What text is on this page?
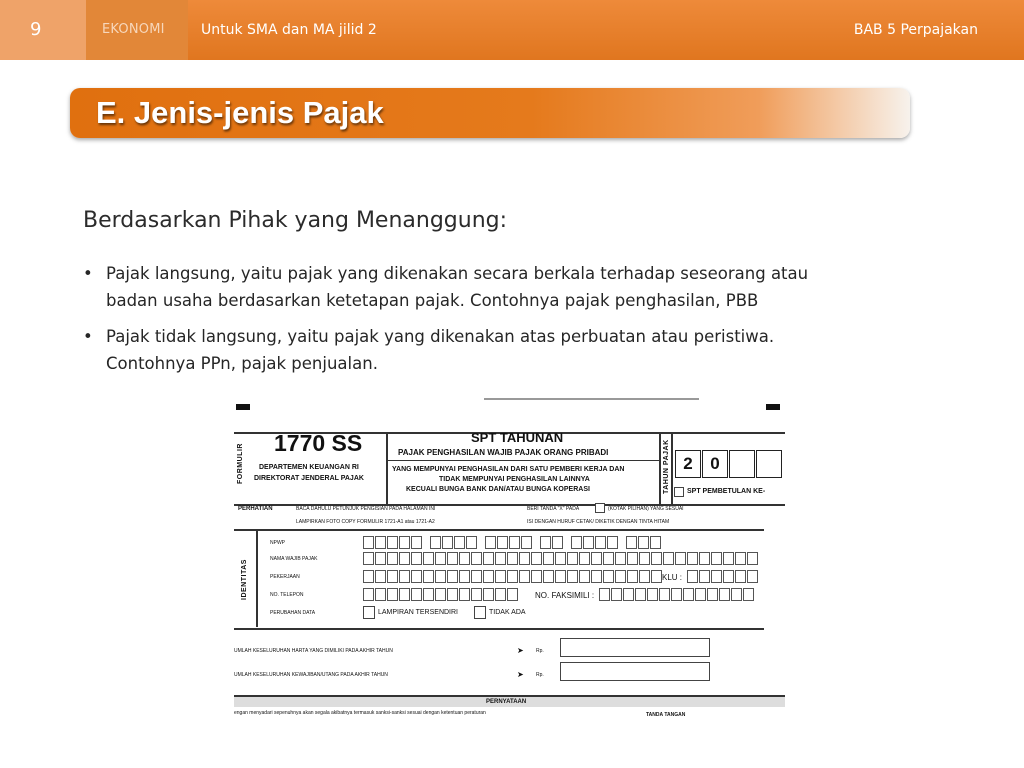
9	EKONOMI	Untuk SMA dan MA jilid 2	BAB 5 Perpajakan
E. Jenis-jenis Pajak
Berdasarkan Pihak yang Menanggung:
• Pajak langsung, yaitu pajak yang dikenakan secara berkala terhadap seseorang atau
badan usaha berdasarkan ketetapan pajak. Contohnya pajak penghasilan, PBB
• Pajak tidak langsung, yaitu pajak yang dikenakan atas perbuatan atau peristiwa.
Contohnya PPn, pajak penjualan.
FORMULIR
1770 SS
DEPARTEMEN KEUANGAN RI
DIREKTORAT JENDERAL PAJAK
SPT TAHUNAN
PAJAK PENGHASILAN WAJIB PAJAK ORANG PRIBADI
YANG MEMPUNYAI PENGHASILAN DARI SATU PEMBERI KERJA DAN
TIDAK MEMPUNYAI PENGHASILAN LAINNYA
KECUALI BUNGA BANK DAN/ATAU BUNGA KOPERASI	TAHUN PAJAK 2	0
SPT PEMBETULAN KE-
PERHATIAN	BACA DAHULU PETUNJUK PENGISIAN PADA HALAMAN INI
LAMPIRKAN FOTO COPY FORMULIR 1721-A1 atau 1721-A2
BERI TANDA "X" PADA	(KOTAK PILIHAN) YANG SESUAI
ISI DENGAN HURUF CETAK/ DIKETIK DENGAN TINTA HITAM
IDENTITAS
NPWP
NAMA WAJIB PAJAK
PEKERJAAN
NO. TELEPON
PERUBAHAN DATA
KLU :
NO. FAKSIMILI :
LAMPIRAN TERSENDIRI	TIDAK ADA
UMLAH KESELURUHAN HARTA YANG DIMILIKI PADA AKHIR TAHUN	➤ Rp.
UMLAH KESELURUHAN KEWAJIBAN/UTANG PADA AKHIR TAHUN	➤ Rp.
PERNYATAAN
engan menyadari sepenuhnya akan segala akibatnya termasuk sanksi-sanksi sesuai dengan ketentuan peraturan	TANDA TANGAN
